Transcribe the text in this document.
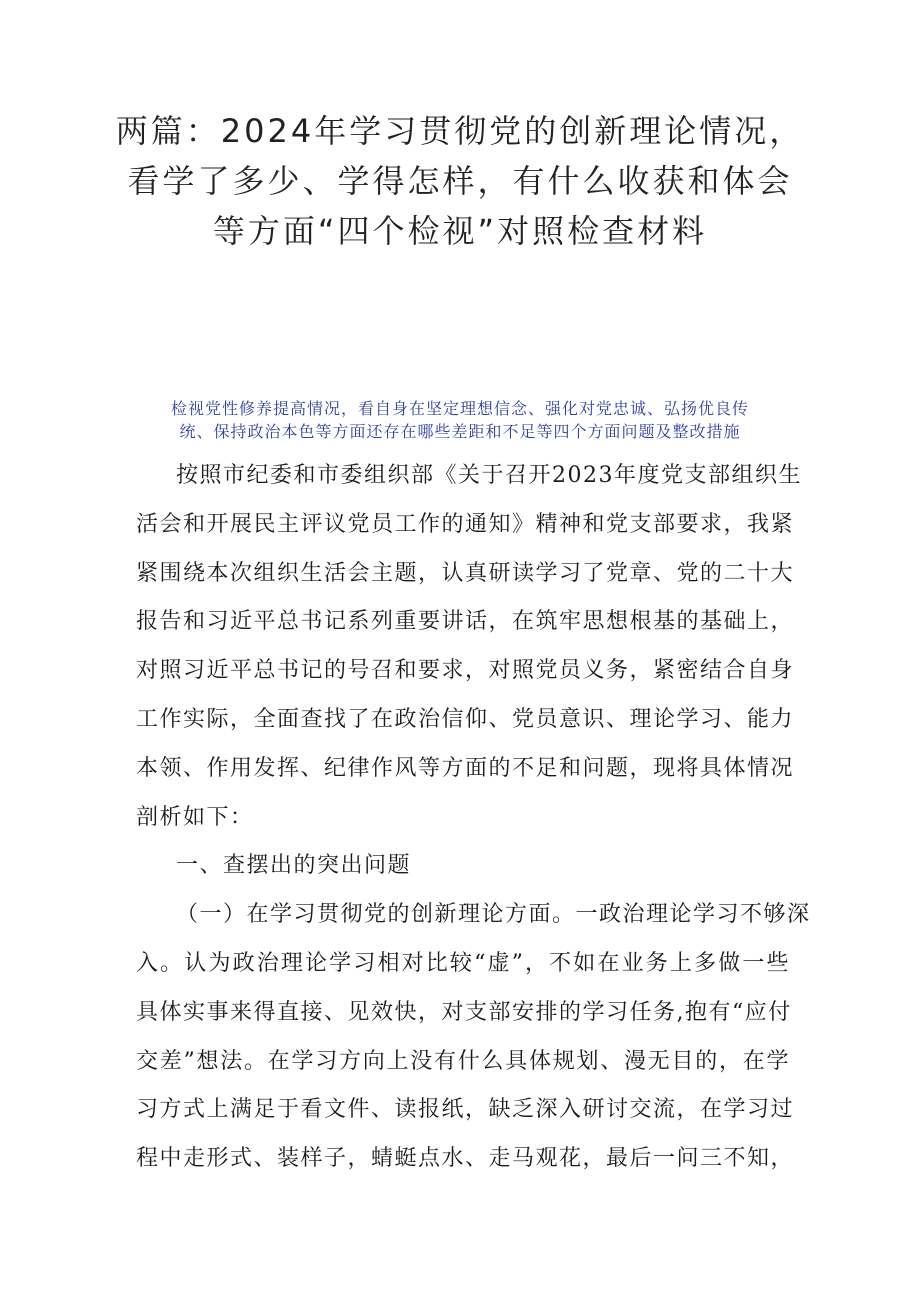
两篇：2024年学习贯彻党的创新理论情况，
看学了多少、学得怎样，有什么收获和体会
等方面“四个检视”对照检查材料
检视党性修养提高情况，看自身在坚定理想信念、强化对党忠诚、弘扬优良传
统、保持政治本色等方面还存在哪些差距和不足等四个方面问题及整改措施
按照市纪委和市委组织部《关于召开2023年度党支部组织生
活会和开展民主评议党员工作的通知》精神和党支部要求，我紧
紧围绕本次组织生活会主题，认真研读学习了党章、党的二十大
报告和习近平总书记系列重要讲话，在筑牢思想根基的基础上，
对照习近平总书记的号召和要求，对照党员义务，紧密结合自身
工作实际，全面查找了在政治信仰、党员意识、理论学习、能力
本领、作用发挥、纪律作风等方面的不足和问题，现将具体情况
剖析如下：
一、查摆出的突出问题
（一）在学习贯彻党的创新理论方面。一政治理论学习不够深
入。认为政治理论学习相对比较“虚”，不如在业务上多做一些
具体实事来得直接、见效快，对支部安排的学习任务,抱有“应付
交差”想法。在学习方向上没有什么具体规划、漫无目的，在学
习方式上满足于看文件、读报纸，缺乏深入研讨交流，在学习过
程中走形式、装样子，蜻蜓点水、走马观花，最后一问三不知，
